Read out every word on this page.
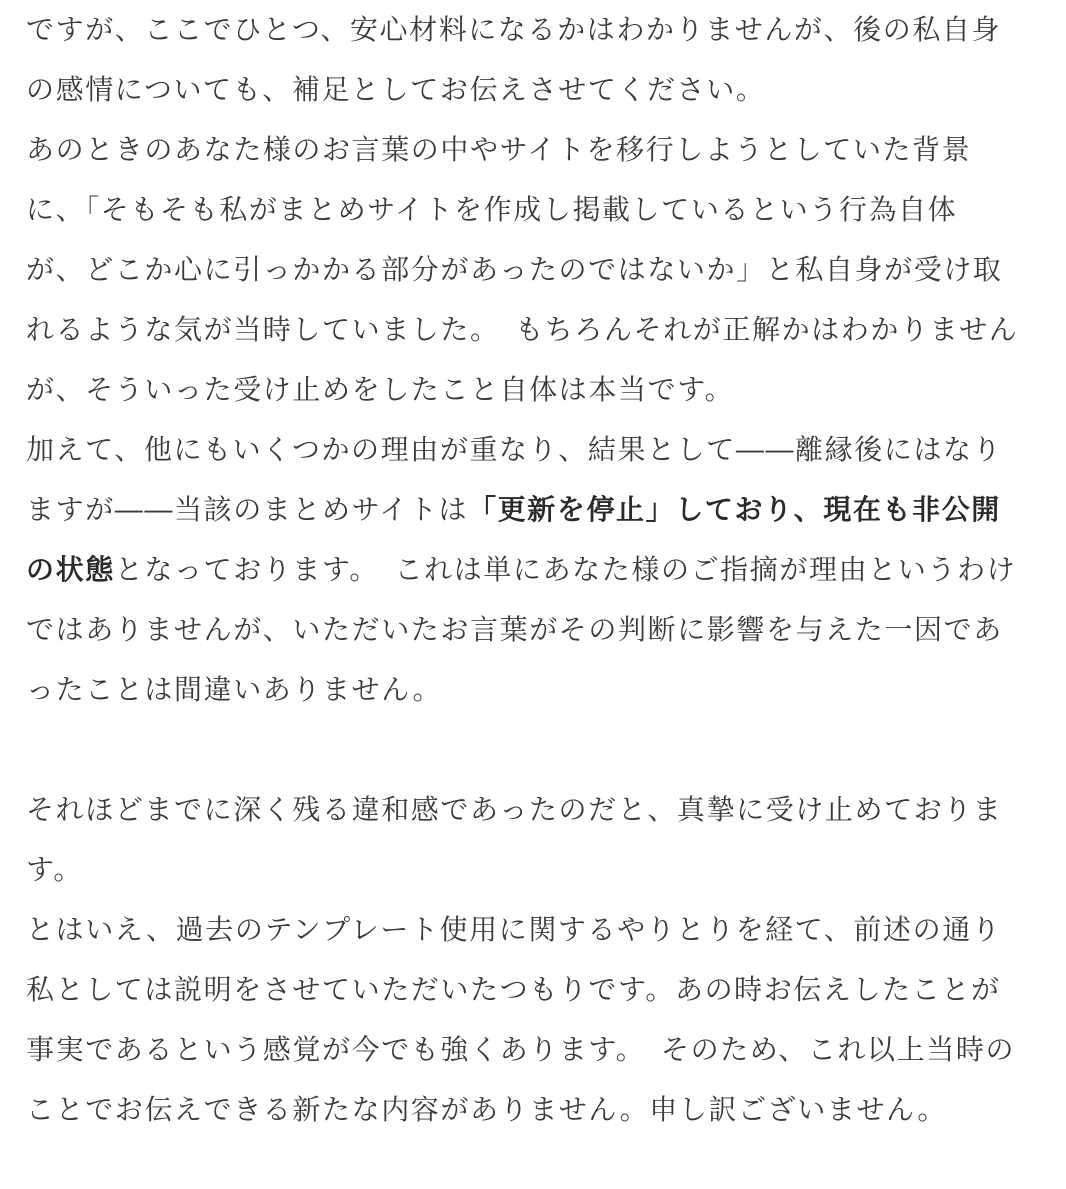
ですが、ここでひとつ、安心材料になるかはわかりませんが、後の私自身
の感情についても、補足としてお伝えさせてください。
あのときのあなた様のお言葉の中やサイトを移行しようとしていた背景
に、「そもそも私がまとめサイトを作成し掲載しているという行為自体
が、どこか心に引っかかる部分があったのではないか」と私自身が受け取
れるような気が当時していました。　もちろんそれが正解かはわかりません
が、そういった受け止めをしたこと自体は本当です。
加えて、他にもいくつかの理由が重なり、結果として――離縁後にはなり
ますが――当該のまとめサイトは「更新を停止」しており、現在も非公開
の状態となっております。　これは単にあなた様のご指摘が理由というわけ
ではありませんが、いただいたお言葉がその判断に影響を与えた一因であ
ったことは間違いありません。
それほどまでに深く残る違和感であったのだと、真摯に受け止めておりま
す。
とはいえ、過去のテンプレート使用に関するやりとりを経て、前述の通り
私としては説明をさせていただいたつもりです。あの時お伝えしたことが
事実であるという感覚が今でも強くあります。　そのため、これ以上当時の
ことでお伝えできる新たな内容がありません。申し訳ございません。
